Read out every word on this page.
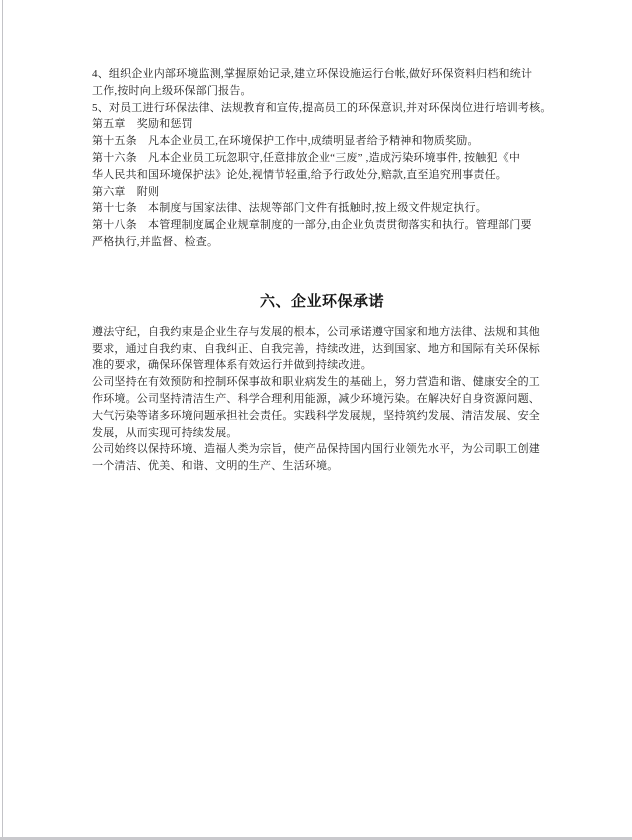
4、组织企业内部环境监测,掌握原始记录,建立环保设施运行台帐,做好环保资料归档和统计
工作,按时向上级环保部门报告。
5、对员工进行环保法律、法规教育和宣传,提高员工的环保意识,并对环保岗位进行培训考核。
第五章　奖励和惩罚
第十五条　凡本企业员工,在环境保护工作中,成绩明显者给予精神和物质奖励。
第十六条　凡本企业员工玩忽职守,任意排放企业“三废” ,造成污染环境事件, 按触犯《中
华人民共和国环境保护法》论处,视情节轻重,给予行政处分,赔款,直至追究刑事责任。
第六章　附则
第十七条　本制度与国家法律、法规等部门文件有抵触时,按上级文件规定执行。
第十八条　本管理制度属企业规章制度的一部分,由企业负责贯彻落实和执行。管理部门要
严格执行,并监督、检查。
六、企业环保承诺
遵法守纪，自我约束是企业生存与发展的根本，公司承诺遵守国家和地方法律、法规和其他
要求，通过自我约束、自我纠正、自我完善，持续改进，达到国家、地方和国际有关环保标
准的要求，确保环保管理体系有效运行并做到持续改进。
公司坚持在有效预防和控制环保事故和职业病发生的基础上，努力营造和谐、健康安全的工
作环境。公司坚持清洁生产、科学合理利用能源，减少环境污染。在解决好自身资源问题、
大气污染等诸多环境问题承担社会责任。实践科学发展规，坚持筑约发展、清洁发展、安全
发展，从而实现可持续发展。
公司始终以保持环境、造福人类为宗旨，使产品保持国内国行业领先水平，为公司职工创建
一个清洁、优美、和谐、文明的生产、生活环境。
